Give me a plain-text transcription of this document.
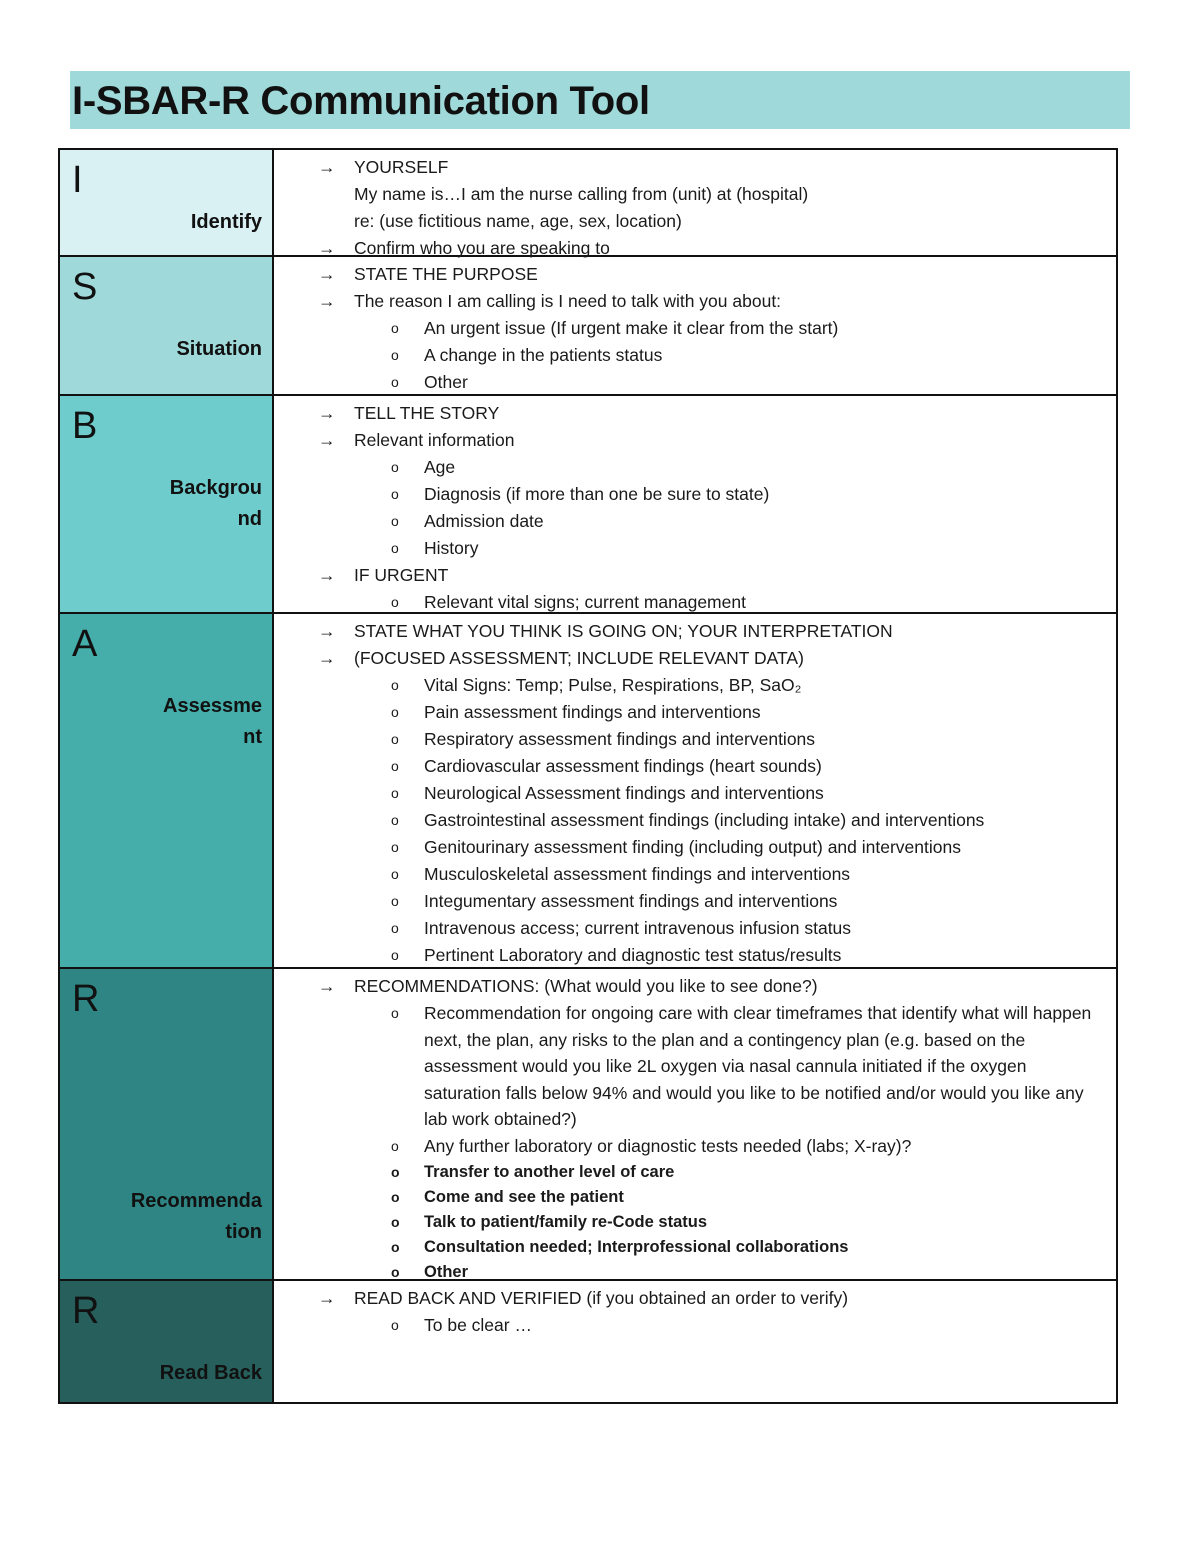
I-SBAR-R Communication Tool
I
Identify
→ YOURSELF
My name is…I am the nurse calling from (unit) at (hospital)
re: (use fictitious name, age, sex, location)
→ Confirm who you are speaking to
S
Situation
→ STATE THE PURPOSE
→ The reason I am calling is I need to talk with you about:
o An urgent issue (If urgent make it clear from the start)
o A change in the patients status
o Other
B
Backgrou
nd
→ TELL THE STORY
→ Relevant information
o Age
o Diagnosis (if more than one be sure to state)
o Admission date
o History
→ IF URGENT
o Relevant vital signs; current management
A
Assessme
nt
→ STATE WHAT YOU THINK IS GOING ON; YOUR INTERPRETATION
→ (FOCUSED ASSESSMENT; INCLUDE RELEVANT DATA)
o Vital Signs: Temp; Pulse, Respirations, BP, SaO₂
o Pain assessment findings and interventions
o Respiratory assessment findings and interventions
o Cardiovascular assessment findings (heart sounds)
o Neurological Assessment findings and interventions
o Gastrointestinal assessment findings (including intake) and interventions
o Genitourinary assessment finding (including output) and interventions
o Musculoskeletal assessment findings and interventions
o Integumentary assessment findings and interventions
o Intravenous access; current intravenous infusion status
o Pertinent Laboratory and diagnostic test status/results
R
Recommenda
tion
→ RECOMMENDATIONS: (What would you like to see done?)
o Recommendation for ongoing care with clear timeframes that identify what will happen next, the plan, any risks to the plan and a contingency plan (e.g. based on the assessment would you like 2L oxygen via nasal cannula initiated if the oxygen saturation falls below 94% and would you like to be notified and/or would you like any lab work obtained?)
o Any further laboratory or diagnostic tests needed (labs; X-ray)?
o Transfer to another level of care
o Come and see the patient
o Talk to patient/family re-Code status
o Consultation needed; Interprofessional collaborations
o Other
R
Read Back
→ READ BACK AND VERIFIED (if you obtained an order to verify)
o To be clear …
